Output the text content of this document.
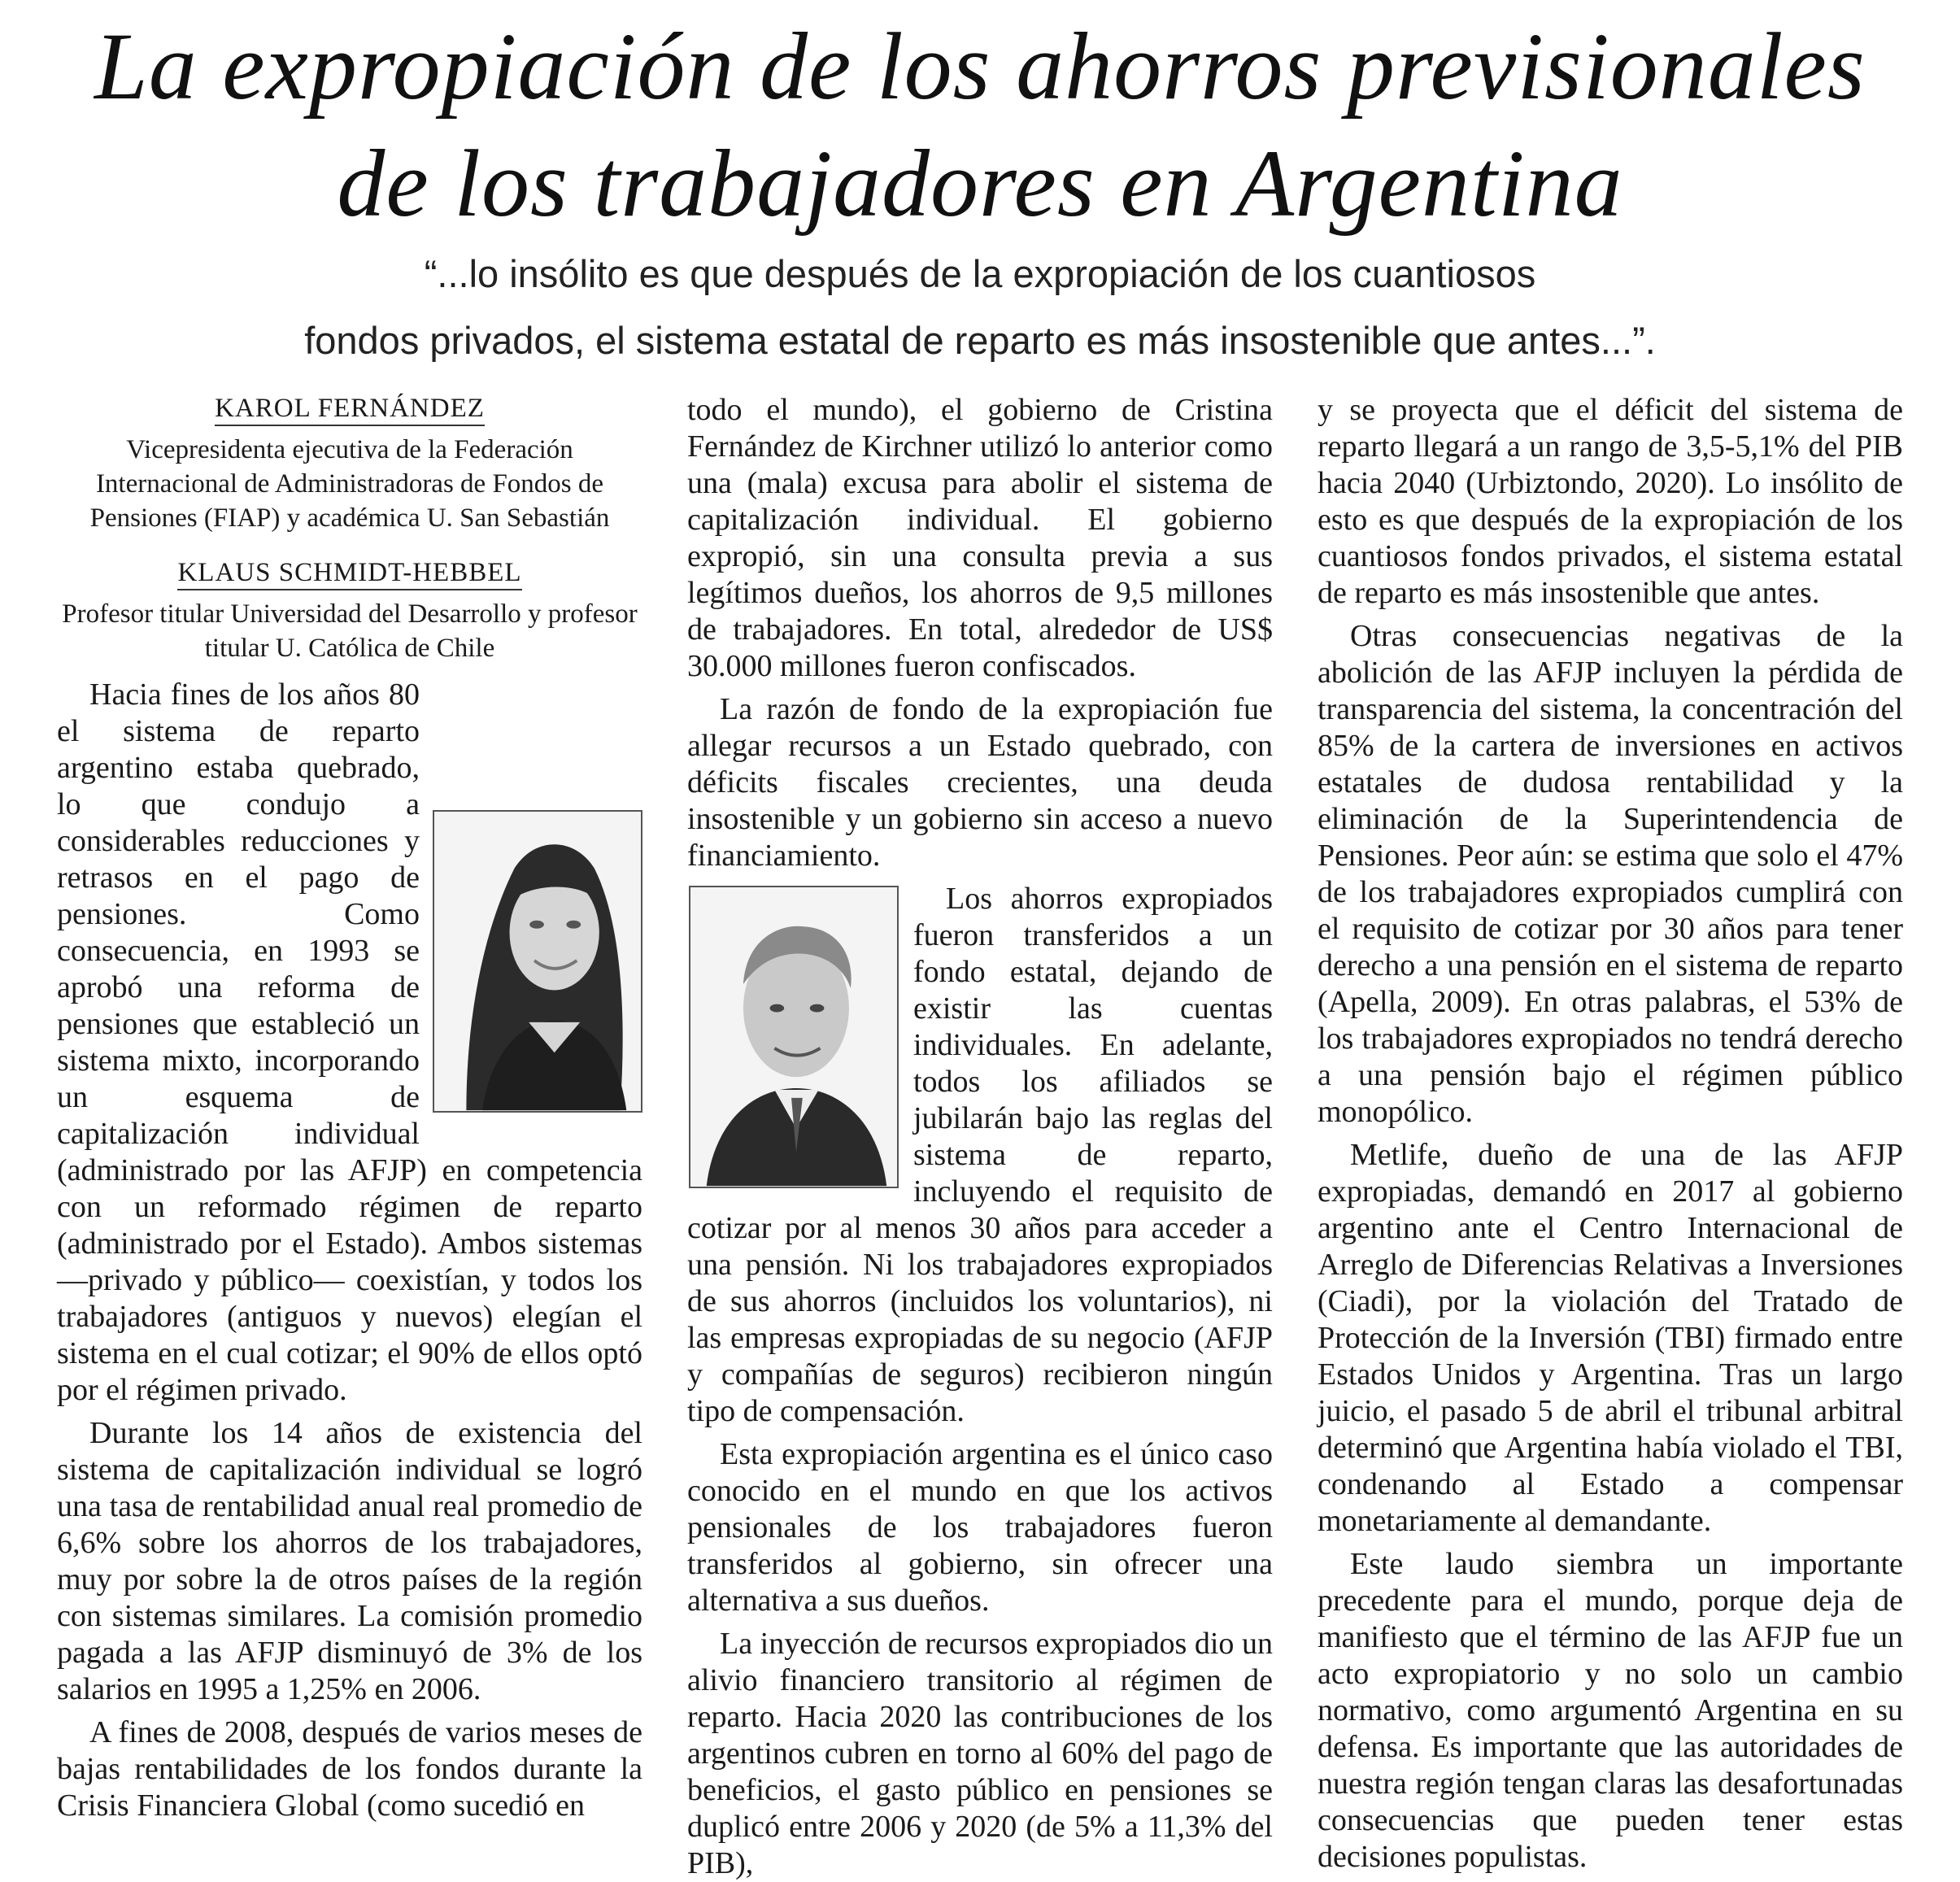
La expropiación de los ahorros previsionales
de los trabajadores en Argentina
“...lo insólito es que después de la expropiación de los cuantiosos
fondos privados, el sistema estatal de reparto es más insostenible que antes...”.

KAROL FERNÁNDEZ

Vicepresidenta ejecutiva de la Federación Internacional de Administradoras de Fondos de Pensiones (FIAP) y académica U. San Sebastián

KLAUS SCHMIDT-HEBBEL

Profesor titular Universidad del Desarrollo y profesor titular U. Católica de Chile

Hacia fines de los años 80 el sistema de reparto argentino estaba quebrado, lo que condujo a considerables reducciones y retrasos en el pago de pensiones. Como consecuencia, en 1993 se aprobó una reforma de pensiones que estableció un sistema mixto, incorporando un esquema de capitalización individual (administrado por las AFJP) en competencia con un reformado régimen de reparto (administrado por el Estado). Ambos sistemas —privado y público— coexistían, y todos los trabajadores (antiguos y nuevos) elegían el sistema en el cual cotizar; el 90% de ellos optó por el régimen privado.

Durante los 14 años de existencia del sistema de capitalización individual se logró una tasa de rentabilidad anual real promedio de 6,6% sobre los ahorros de los trabajadores, muy por sobre la de otros países de la región con sistemas similares. La comisión promedio pagada a las AFJP disminuyó de 3% de los salarios en 1995 a 1,25% en 2006.

A fines de 2008, después de varios meses de bajas rentabilidades de los fondos durante la Crisis Financiera Global (como sucedió en

todo el mundo), el gobierno de Cristina Fernández de Kirchner utilizó lo anterior como una (mala) excusa para abolir el sistema de capitalización individual. El gobierno expropió, sin una consulta previa a sus legítimos dueños, los ahorros de 9,5 millones de trabajadores. En total, alrededor de US$ 30.000 millones fueron confiscados.

La razón de fondo de la expropiación fue allegar recursos a un Estado quebrado, con déficits fiscales crecientes, una deuda insostenible y un gobierno sin acceso a nuevo financiamiento.

Los ahorros expropiados fueron transferidos a un fondo estatal, dejando de existir las cuentas individuales. En adelante, todos los afiliados se jubilarán bajo las reglas del sistema de reparto, incluyendo el requisito de cotizar por al menos 30 años para acceder a una pensión. Ni los trabajadores expropiados de sus ahorros (incluidos los voluntarios), ni las empresas expropiadas de su negocio (AFJP y compañías de seguros) recibieron ningún tipo de compensación.

Esta expropiación argentina es el único caso conocido en el mundo en que los activos pensionales de los trabajadores fueron transferidos al gobierno, sin ofrecer una alternativa a sus dueños.

La inyección de recursos expropiados dio un alivio financiero transitorio al régimen de reparto. Hacia 2020 las contribuciones de los argentinos cubren en torno al 60% del pago de beneficios, el gasto público en pensiones se duplicó entre 2006 y 2020 (de 5% a 11,3% del PIB),

y se proyecta que el déficit del sistema de reparto llegará a un rango de 3,5-5,1% del PIB hacia 2040 (Urbiztondo, 2020). Lo insólito de esto es que después de la expropiación de los cuantiosos fondos privados, el sistema estatal de reparto es más insostenible que antes.

Otras consecuencias negativas de la abolición de las AFJP incluyen la pérdida de transparencia del sistema, la concentración del 85% de la cartera de inversiones en activos estatales de dudosa rentabilidad y la eliminación de la Superintendencia de Pensiones. Peor aún: se estima que solo el 47% de los trabajadores expropiados cumplirá con el requisito de cotizar por 30 años para tener derecho a una pensión en el sistema de reparto (Apella, 2009). En otras palabras, el 53% de los trabajadores expropiados no tendrá derecho a una pensión bajo el régimen público monopólico.

Metlife, dueño de una de las AFJP expropiadas, demandó en 2017 al gobierno argentino ante el Centro Internacional de Arreglo de Diferencias Relativas a Inversiones (Ciadi), por la violación del Tratado de Protección de la Inversión (TBI) firmado entre Estados Unidos y Argentina. Tras un largo juicio, el pasado 5 de abril el tribunal arbitral determinó que Argentina había violado el TBI, condenando al Estado a compensar monetariamente al demandante.

Este laudo siembra un importante precedente para el mundo, porque deja de manifiesto que el término de las AFJP fue un acto expropiatorio y no solo un cambio normativo, como argumentó Argentina en su defensa. Es importante que las autoridades de nuestra región tengan claras las desafortunadas consecuencias que pueden tener estas decisiones populistas.
